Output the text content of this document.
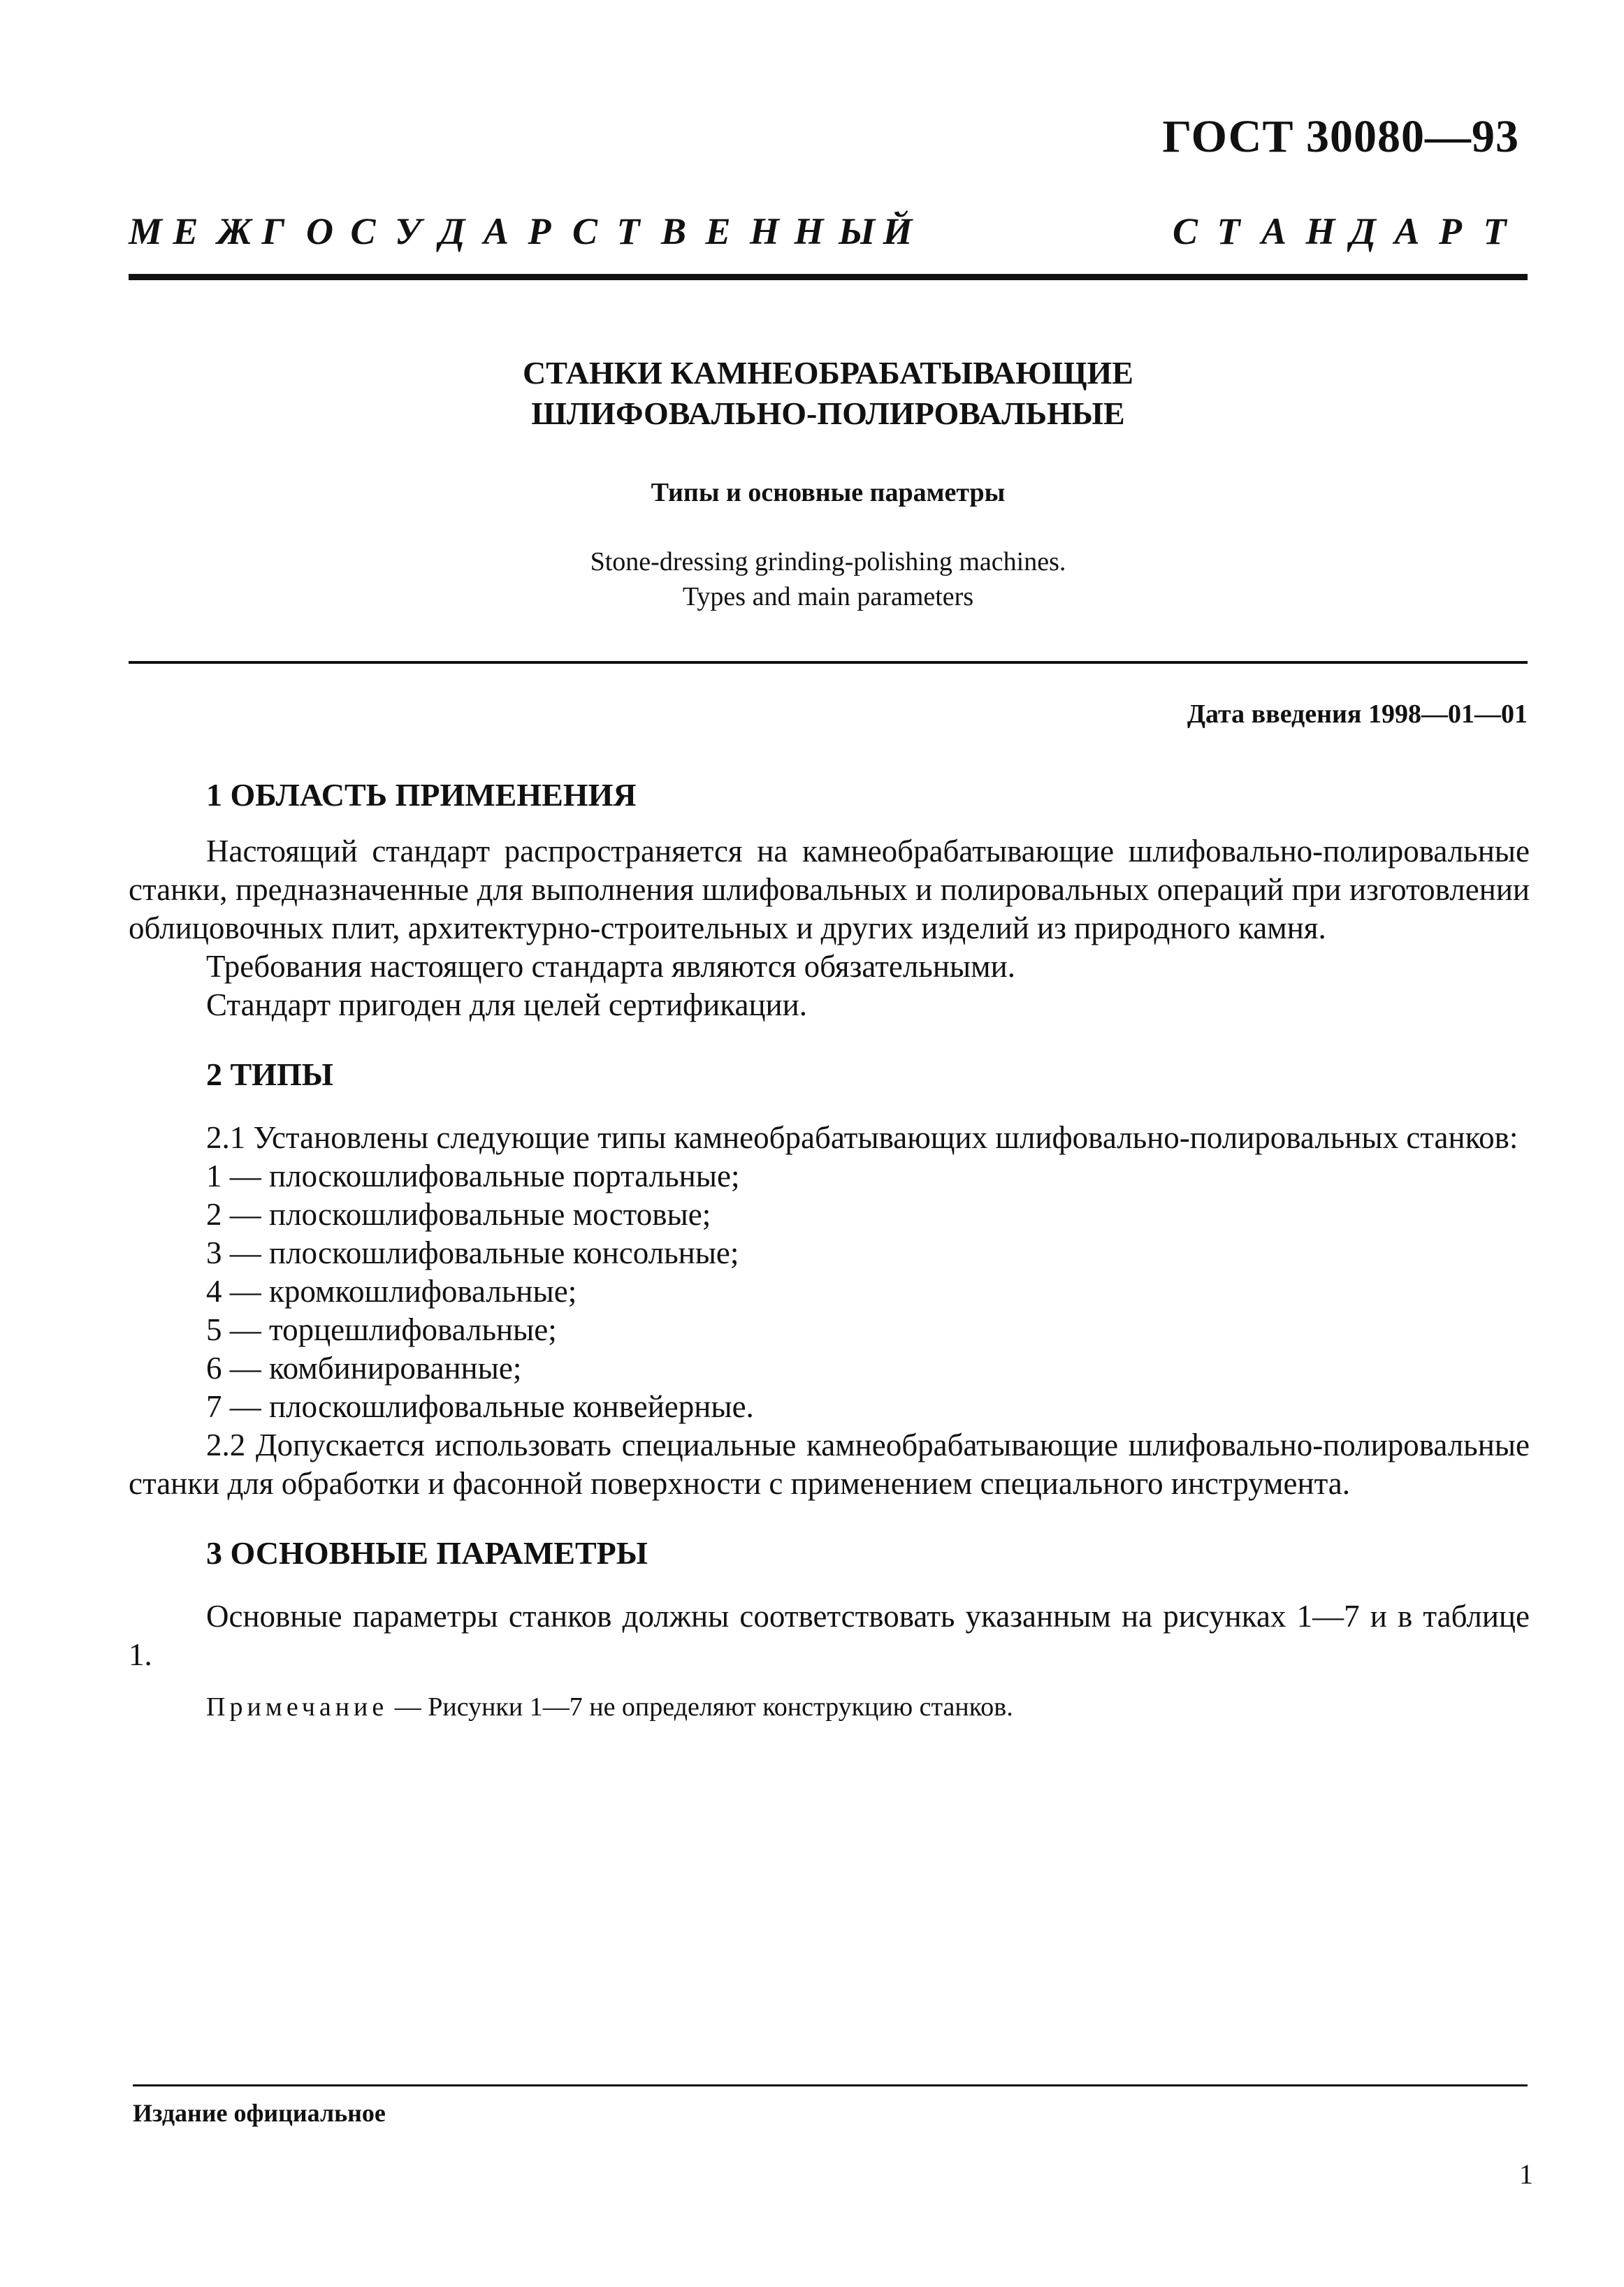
ГОСТ 30080—93
М Е Ж Г О С У Д А Р С Т В Е Н Н Ы Й	С Т А Н Д А Р Т
СТАНКИ КАМНЕОБРАБАТЫВАЮЩИЕ
ШЛИФОВАЛЬНО-ПОЛИРОВАЛЬНЫЕ
Типы и основные параметры
Stone-dressing grinding-polishing machines.
Types and main parameters
Дата введения 1998—01—01
1 ОБЛАСТЬ ПРИМЕНЕНИЯ

Настоящий стандарт распространяется на камнеобрабатывающие шлифовально-полировальные станки, предназначенные для выполнения шлифовальных и полировальных операций при изготовлении облицовочных плит, архитектурно-строительных и других изделий из природного камня.

Требования настоящего стандарта являются обязательными.

Стандарт пригоден для целей сертификации.

2 ТИПЫ

2.1 Установлены следующие типы камнеобрабатывающих шлифовально-полировальных станков:

1 — плоскошлифовальные портальные;

2 — плоскошлифовальные мостовые;

3 — плоскошлифовальные консольные;

4 — кромкошлифовальные;

5 — торцешлифовальные;

6 — комбинированные;

7 — плоскошлифовальные конвейерные.

2.2 Допускается использовать специальные камнеобрабатывающие шлифовально-полировальные станки для обработки и фасонной поверхности с применением специального инструмента.

3 ОСНОВНЫЕ ПАРАМЕТРЫ

Основные параметры станков должны соответствовать указанным на рисунках 1—7 и в таблице 1.

Примечание — Рисунки 1—7 не определяют конструкцию станков.

Издание официальное
1
